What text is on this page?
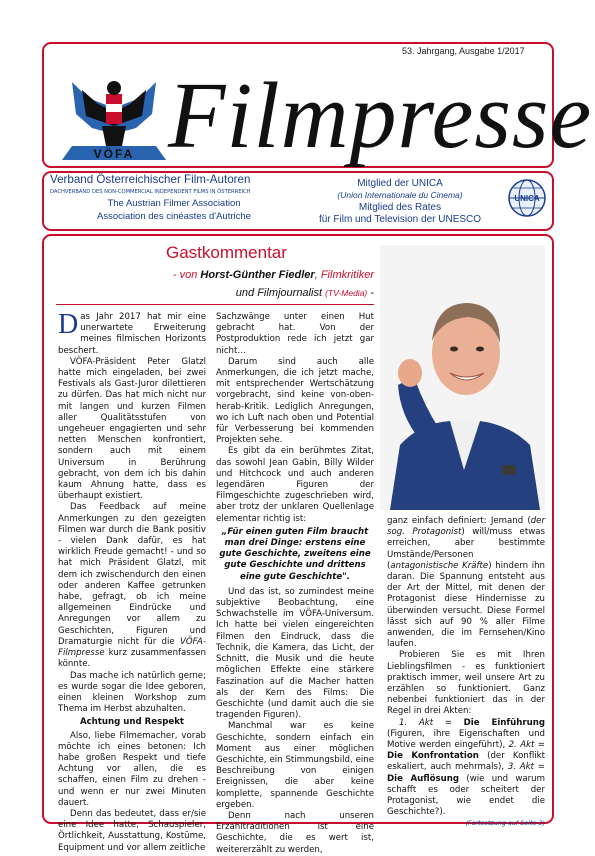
53. Jahrgang, Ausgabe 1/2017
VÖFA Filmpresse
Verband Österreichischer Film-Autoren
DACHVERBAND DES NON-COMMERCIAL INDEPENDENT FILMS IN ÖSTERREICH
The Austrian Filmer Association
Association des cinéastes d'Autriche
Mitglied der UNICA
(Union Internationale du Cinema)
Mitglied des Rates
für Film und Television der UNESCO
UNICA
Gastkommentar
- von Horst-Günther Fiedler, Filmkritiker
und Filmjournalist (TV-Media) -

Das Jahr 2017 hat mir eine unerwartete Erweiterung meines filmischen Horizonts beschert.

VÖFA-Präsident Peter Glatzl hatte mich eingeladen, bei zwei Festivals als Gast-Juror dilettieren zu dürfen. Das hat mich nicht nur mit langen und kurzen Filmen aller Qualitätsstufen von ungeheuer engagierten und sehr netten Menschen konfrontiert, sondern auch mit einem Universum in Berührung gebracht, von dem ich bis dahin kaum Ahnung hatte, dass es überhaupt existiert.

Das Feedback auf meine Anmerkungen zu den gezeigten Filmen war durch die Bank positiv - vielen Dank dafür, es hat wirklich Freude gemacht! - und so hat mich Präsident Glatzl, mit dem ich zwischendurch den einen oder anderen Kaffee getrunken habe, gefragt, ob ich meine allgemeinen Eindrücke und Anregungen vor allem zu Geschichten, Figuren und Dramaturgie nicht für die VÖFA-Filmpresse kurz zusammenfassen könnte.

Das mache ich natürlich gerne; es wurde sogar die Idee geboren, einen kleinen Workshop zum Thema im Herbst abzuhalten.

Achtung und Respekt

Also, liebe Filmemacher, vorab möchte ich eines betonen: Ich habe großen Respekt und tiefe Achtung vor allen, die es schaffen, einen Film zu drehen - und wenn er nur zwei Minuten dauert.

Denn das bedeutet, dass er/sie eine Idee hatte, Schauspieler, Örtlichkeit, Ausstattung, Kostüme, Equipment und vor allem zeitliche

Sachzwänge unter einen Hut gebracht hat. Von der Postproduktion rede ich jetzt gar nicht…

Darum sind auch alle Anmerkungen, die ich jetzt mache, mit entsprechender Wertschätzung vorgebracht, sind keine von-oben-herab-Kritik. Lediglich Anregungen, wo ich Luft nach oben und Potential für Verbesserung bei kommenden Projekten sehe.

Es gibt da ein berühmtes Zitat, das sowohl Jean Gabin, Billy Wilder und Hitchcock und auch anderen legendären Figuren der Filmgeschichte zugeschrieben wird, aber trotz der unklaren Quellenlage elementar richtig ist:

„Für einen guten Film braucht man drei Dinge: erstens eine gute Geschichte, zweitens eine gute Geschichte und drittens eine gute Geschichte".

Und das ist, so zumindest meine subjektive Beobachtung, eine Schwachstelle im VÖFA-Universum. Ich hatte bei vielen eingereichten Filmen den Eindruck, dass die Technik, die Kamera, das Licht, der Schnitt, die Musik und die heute möglichen Effekte eine stärkere Faszination auf die Macher hatten als der Kern des Films: Die Geschichte (und damit auch die sie tragenden Figuren).

Manchmal war es keine Geschichte, sondern einfach ein Moment aus einer möglichen Geschichte, ein Stimmungsbild, eine Beschreibung von einigen Ereignissen, die aber keine komplette, spannende Geschichte ergeben.

Denn nach unseren Erzähltraditionen ist eine Geschichte, die es wert ist, weitererzählt zu werden,

ganz einfach definiert: Jemand (der sog. Protagonist) will/muss etwas erreichen, aber bestimmte Umstände/Personen (antagonistische Kräfte) hindern ihn daran. Die Spannung entsteht aus der Art der Mittel, mit denen der Protagonist diese Hindernisse zu überwinden versucht. Diese Formel lässt sich auf 90 % aller Filme anwenden, die im Fernsehen/Kino laufen.

Probieren Sie es mit Ihren Lieblingsfilmen - es funktioniert praktisch immer, weil unsere Art zu erzählen so funktioniert. Ganz nebenbei funktioniert das in der Regel in drei Akten:

1. Akt = Die Einführung (Figuren, ihre Eigenschaften und Motive werden eingeführt), 2. Akt = Die Konfrontation (der Konflikt eskaliert, auch mehrmals), 3. Akt = Die Auflösung (wie und warum schafft es oder scheitert der Protagonist, wie endet die Geschichte?).

(Fortsetzung auf Seite 3)
